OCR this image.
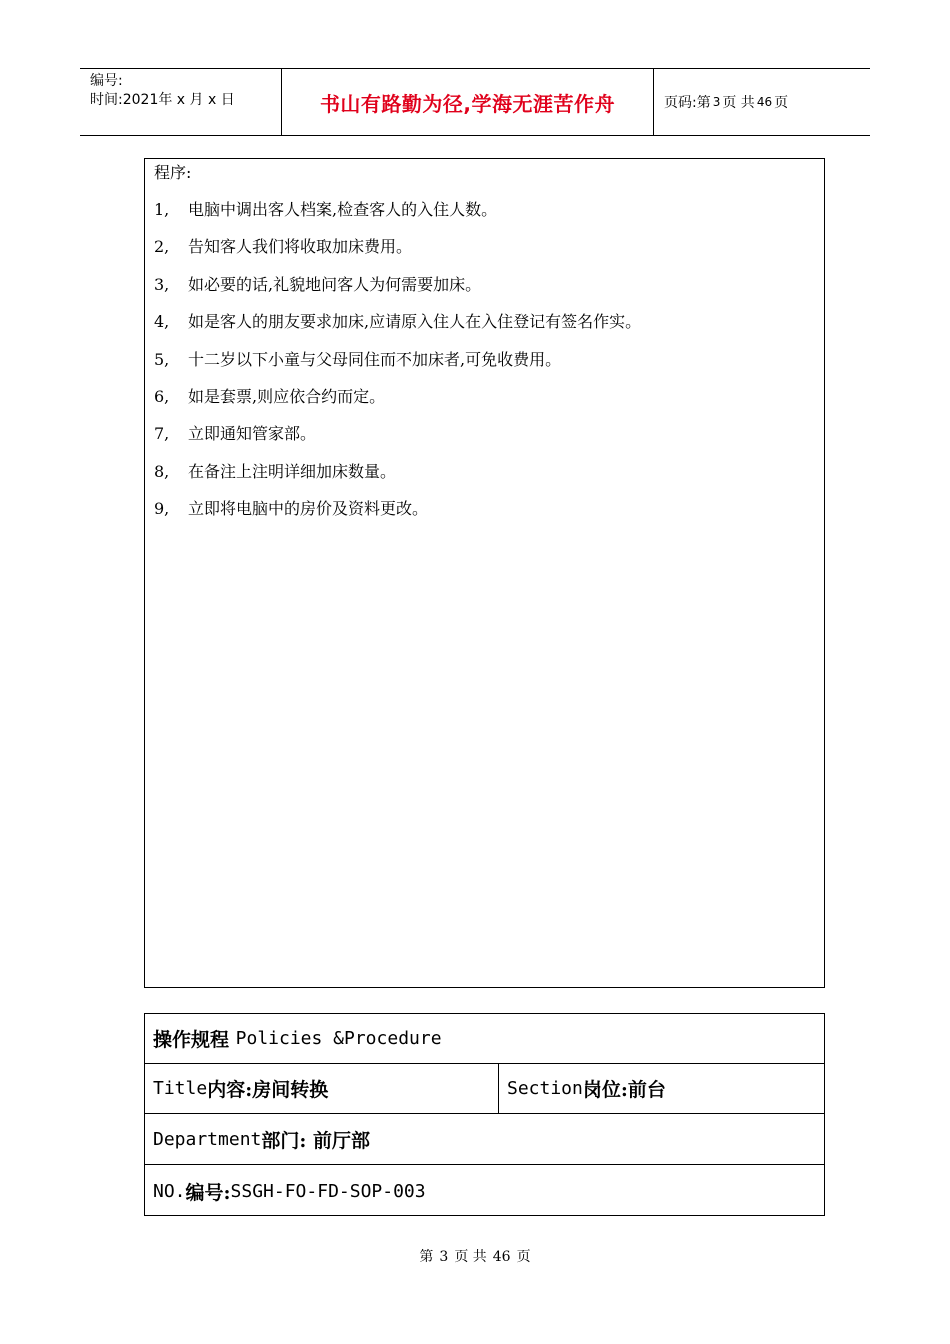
编号:
时间:2021年 x 月 x 日	书山有路勤为径,学海无涯苦作舟	页码:第 3 页 共 46 页
程序:
1, 电脑中调出客人档案,检查客人的入住人数。
2, 告知客人我们将收取加床费用。
3, 如必要的话,礼貌地问客人为何需要加床。
4, 如是客人的朋友要求加床,应请原入住人在入住登记有签名作实。
5, 十二岁以下小童与父母同住而不加床者,可免收费用。
6, 如是套票,则应依合约而定。
7, 立即通知管家部。
8, 在备注上注明详细加床数量。
9, 立即将电脑中的房价及资料更改。
操作规程
Policies &Procedure
Title 内容:房间转换	Section 岗位:前台
Department 部门: 前厅部
NO. 编号: SSGH-FO-FD-SOP-003
第 3 页 共 46 页
